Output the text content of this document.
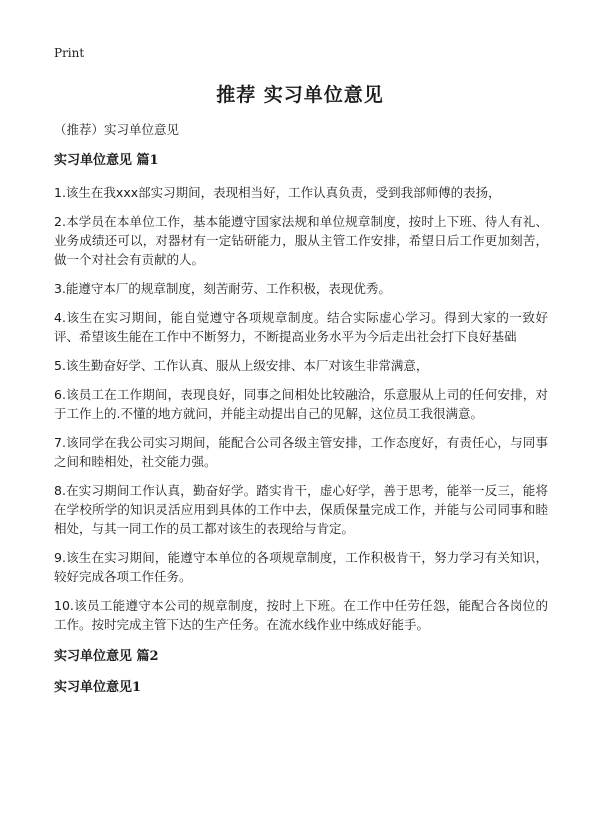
Print
推荐 实习单位意见
（推荐）实习单位意见
实习单位意见 篇1
1.该生在我xxx部实习期间，表现相当好，工作认真负责，受到我部师傅的表扬，
2.本学员在本单位工作，基本能遵守国家法规和单位规章制度，按时上下班、待人有礼、业务成绩还可以，对器材有一定钻研能力，服从主管工作安排，希望日后工作更加刻苦，做一个对社会有贡献的人。
3.能遵守本厂的规章制度，刻苦耐劳、工作积极，表现优秀。
4.该生在实习期间，能自觉遵守各项规章制度。结合实际虚心学习。得到大家的一致好评、希望该生能在工作中不断努力，不断提高业务水平为今后走出社会打下良好基础
5.该生勤奋好学、工作认真、服从上级安排、本厂对该生非常满意，
6.该员工在工作期间，表现良好，同事之间相处比较融洽，乐意服从上司的任何安排，对于工作上的.不懂的地方就问，并能主动提出自己的见解，这位员工我很满意。
7.该同学在我公司实习期间，能配合公司各级主管安排，工作态度好，有责任心，与同事之间和睦相处，社交能力强。
8.在实习期间工作认真，勤奋好学。踏实肯干，虚心好学，善于思考，能举一反三，能将在学校所学的知识灵活应用到具体的工作中去，保质保量完成工作，并能与公司同事和睦相处，与其一同工作的员工都对该生的表现给与肯定。
9.该生在实习期间，能遵守本单位的各项规章制度，工作积极肯干，努力学习有关知识，较好完成各项工作任务。
10.该员工能遵守本公司的规章制度，按时上下班。在工作中任劳任怨，能配合各岗位的工作。按时完成主管下达的生产任务。在流水线作业中练成好能手。
实习单位意见 篇2
实习单位意见1
